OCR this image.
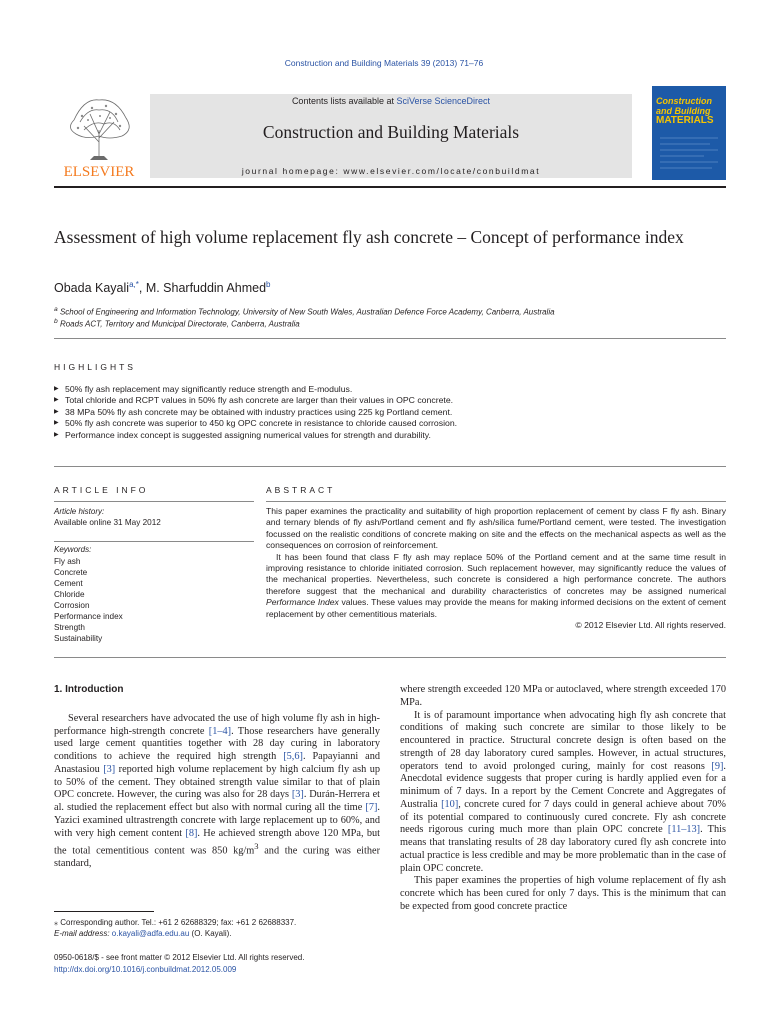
Construction and Building Materials 39 (2013) 71–76
ELSEVIER
Contents lists available at SciVerse ScienceDirect
Construction and Building Materials
journal homepage: www.elsevier.com/locate/conbuildmat
Construction
and Building
MATERIALS
Assessment of high volume replacement fly ash concrete – Concept of performance index
Obada Kayali$^{a,*}$, M. Sharfuddin Ahmed$^b$
$^a$ School of Engineering and Information Technology, University of New South Wales, Australian Defence Force Academy, Canberra, Australia
$^b$ Roads ACT, Territory and Municipal Directorate, Canberra, Australia
HIGHLIGHTS
▶ 50% fly ash replacement may significantly reduce strength and E-modulus.
▶ Total chloride and RCPT values in 50% fly ash concrete are larger than their values in OPC concrete.
▶ 38 MPa 50% fly ash concrete may be obtained with industry practices using 225 kg Portland cement.
▶ 50% fly ash concrete was superior to 450 kg OPC concrete in resistance to chloride caused corrosion.
▶ Performance index concept is suggested assigning numerical values for strength and durability.
ARTICLE INFO	ABSTRACT
Article history:
Available online 31 May 2012
Keywords:
Fly ash
Concrete
Cement
Chloride
Corrosion
Performance index
Strength
Sustainability

This paper examines the practicality and suitability of high proportion replacement of cement by class F fly ash. Binary and ternary blends of fly ash/Portland cement and fly ash/silica fume/Portland cement, were tested. The investigation focussed on the realistic conditions of concrete making on site and the effects on the mechanical aspects as well as the consequences on corrosion of reinforcement.

It has been found that class F fly ash may replace 50% of the Portland cement and at the same time result in improving resistance to chloride initiated corrosion. Such replacement however, may significantly reduce the values of the mechanical properties. Nevertheless, such concrete is considered a high performance concrete. The authors therefore suggest that the mechanical and durability characteristics of concretes may be assigned numerical Performance Index values. These values may provide the means for making informed decisions on the extent of cement replacement by other cementitious materials.

© 2012 Elsevier Ltd. All rights reserved.

1. Introduction

Several researchers have advocated the use of high volume fly ash in high-performance high-strength concrete [1–4]. Those researchers have generally used large cement quantities together with 28 day curing in laboratory conditions to achieve the required high strength [5,6]. Papayianni and Anastasiou [3] reported high volume replacement by high calcium fly ash up to 50% of the cement. They obtained strength value similar to that of plain OPC concrete. However, the curing was also for 28 days [3]. Durán-Herrera et al. studied the replacement effect but also with normal curing all the time [7]. Yazici examined ultrastrength concrete with large replacement up to 60%, and with very high cement content [8]. He achieved strength above 120 MPa, but the total cementitious content was 850 $kg/m^3$ and the curing was either standard,

where strength exceeded 120 MPa or autoclaved, where strength exceeded 170 MPa.

It is of paramount importance when advocating high fly ash concrete that conditions of making such concrete are similar to those likely to be encountered in practice. Structural concrete design is often based on the strength of 28 day laboratory cured samples. However, in actual structures, operators tend to avoid prolonged curing, mainly for cost reasons [9]. Anecdotal evidence suggests that proper curing is hardly applied even for a minimum of 7 days. In a report by the Cement Concrete and Aggregates of Australia [10], concrete cured for 7 days could in general achieve about 70% of its potential compared to continuously cured concrete. Fly ash concrete needs rigorous curing much more than plain OPC concrete [11–13]. This means that translating results of 28 day laboratory cured fly ash concrete into actual practice is less credible and may be more problematic than in the case of plain OPC concrete.

This paper examines the properties of high volume replacement of fly ash concrete which has been cured for only 7 days. This is the minimum that can be expected from good concrete practice

⁎ Corresponding author. Tel.: +61 2 62688329; fax: +61 2 62688337.
E-mail address: o.kayali@adfa.edu.au (O. Kayali).
0950-0618/$ - see front matter © 2012 Elsevier Ltd. All rights reserved.
http://dx.doi.org/10.1016/j.conbuildmat.2012.05.009
